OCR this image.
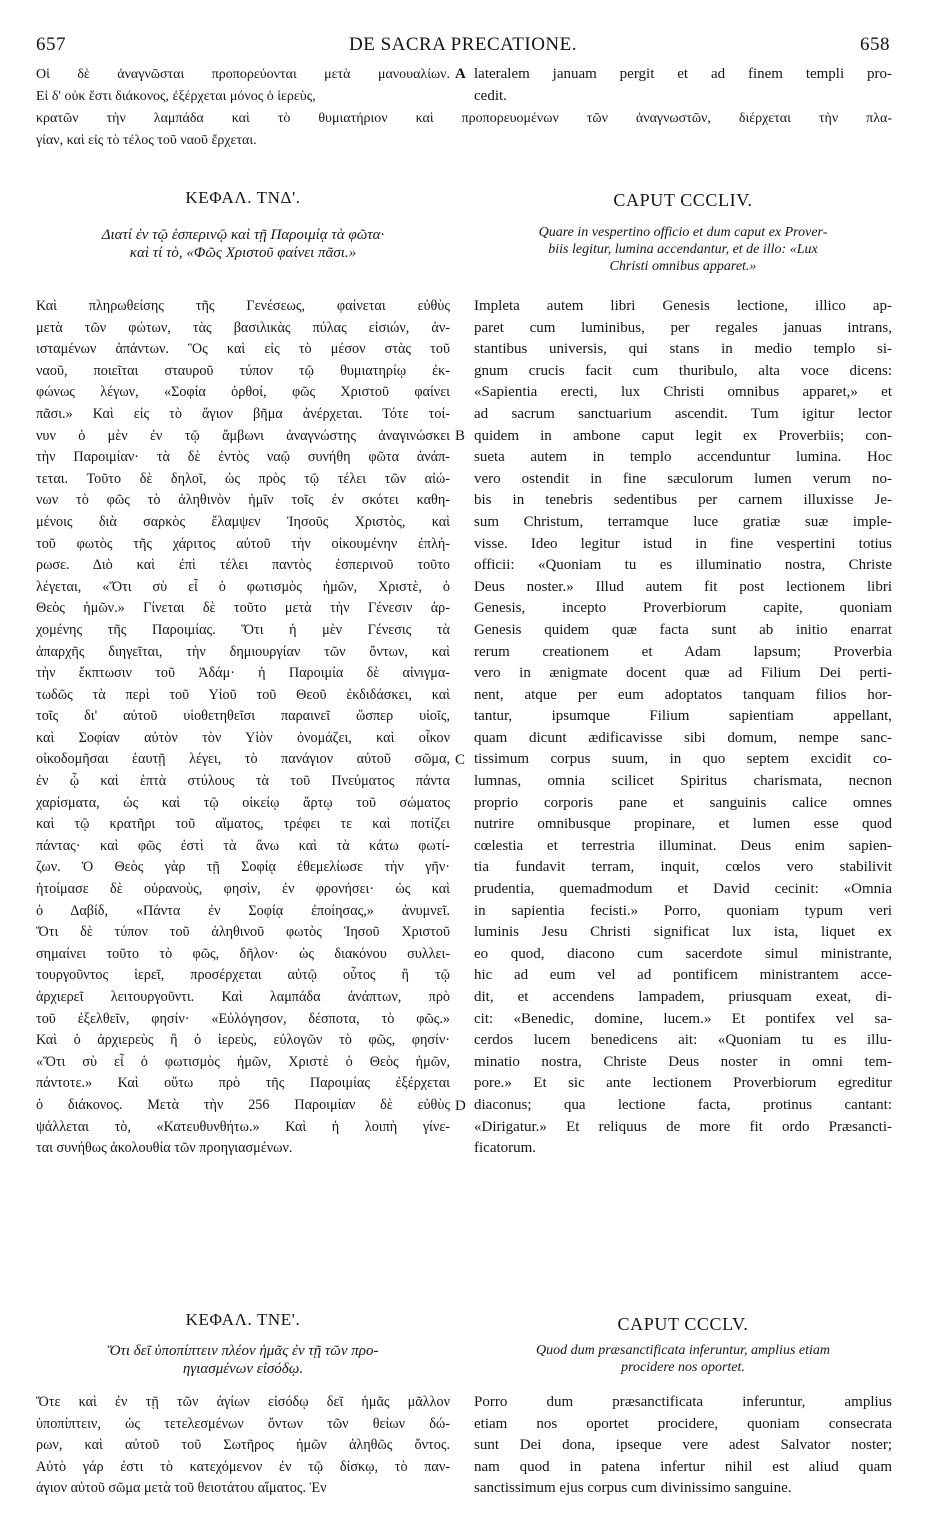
657	DE SACRA PRECATIONE.	658
Οἱ δὲ ἀναγνῶσται προπορεύονται μετὰ μανουαλίων.
Εἰ δ' οὐκ ἔστι διάκονος, ἐξέρχεται μόνος ὁ ἱερεὺς,
A lateralem januam pergit et ad finem templi pro-
cedit.
κρατῶν τὴν λαμπάδα καὶ τὸ θυμιατήριον καὶ προπορευομένων τῶν ἀναγνωστῶν, διέρχεται τὴν πλα-
γίαν, καὶ εἰς τὸ τέλος τοῦ ναοῦ ἔρχεται.
ΚΕΦΑΛ. ΤΝΔ'.	CAPUT CCCLIV.
Διατί ἐν τῷ ἑσπερινῷ καὶ τῇ Παροιμίᾳ τὰ φῶτα·
καὶ τί τὸ, «Φῶς Χριστοῦ φαίνει πᾶσι.»
Quare in vespertino officio et dum caput ex Prover-
biis legitur, lumina accendantur, et de illo: «Lux
Christi omnibus apparet.»
Καὶ πληρωθείσης τῆς Γενέσεως, φαίνεται εὐθὺς
μετὰ τῶν φώτων, τὰς βασιλικὰς πύλας εἰσιών, ἀν-
ισταμένων ἁπάντων. Ὃς καὶ εἰς τὸ μέσον στὰς τοῦ
ναοῦ, ποιεῖται σταυροῦ τύπον τῷ θυμιατηρίῳ ἐκ-
φώνως λέγων, «Σοφία ὀρθοί, φῶς Χριστοῦ φαίνει
πᾶσι.» Καὶ εἰς τὸ ἅγιον βῆμα ἀνέρχεται. Τότε τοί-
νυν ὁ μὲν ἐν τῷ ἄμβωνι ἀναγνώστης ἀναγινώσκει
τὴν Παροιμίαν· τὰ δὲ ἐντὸς ναῷ συνήθη φῶτα ἀνάπ-
τεται. Τοῦτο δὲ δηλοῖ, ὡς πρὸς τῷ τέλει τῶν αἰώ-
νων τὸ φῶς τὸ ἀληθινὸν ἡμῖν τοῖς ἐν σκότει καθη-
μένοις διὰ σαρκὸς ἔλαμψεν Ἰησοῦς Χριστὸς, καὶ
τοῦ φωτὸς τῆς χάριτος αὐτοῦ τὴν οἰκουμένην ἐπλή-
ρωσε. Διὸ καὶ ἐπὶ τέλει παντὸς ἑσπερινοῦ τοῦτο
λέγεται, «Ὅτι σὺ εἶ ὁ φωτισμὸς ἡμῶν, Χριστὲ, ὁ
Θεὸς ἡμῶν.» Γίνεται δὲ τοῦτο μετὰ τὴν Γένεσιν ἀρ-
χομένης τῆς Παροιμίας. Ὅτι ἡ μὲν Γένεσις τὰ
ἀπαρχῆς διηγεῖται, τὴν δημιουργίαν τῶν ὄντων, καὶ
τὴν ἔκπτωσιν τοῦ Ἀδάμ· ἡ Παροιμία δὲ αἰνιγμα-
τωδῶς τὰ περὶ τοῦ Υἱοῦ τοῦ Θεοῦ ἐκδιδάσκει, καὶ
τοῖς δι' αὐτοῦ υἱοθετηθεῖσι παραινεῖ ὥσπερ υἱοῖς,
καὶ Σοφίαν αὐτὸν τὸν Υἱὸν ὀνομάζει, καὶ οἶκον
οἰκοδομῆσαι ἑαυτῇ λέγει, τὸ πανάγιον αὐτοῦ σῶμα,
ἐν ᾧ καὶ ἑπτὰ στύλους τὰ τοῦ Πνεύματος πάντα
χαρίσματα, ὡς καὶ τῷ οἰκείῳ ἄρτῳ τοῦ σώματος
καὶ τῷ κρατῆρι τοῦ αἵματος, τρέφει τε καὶ ποτίζει
πάντας· καὶ φῶς ἐστὶ τὰ ἄνω καὶ τὰ κάτω φωτί-
ζων. Ὁ Θεὸς γὰρ τῇ Σοφίᾳ ἐθεμελίωσε τὴν γῆν·
ἡτοίμασε δὲ οὐρανοὺς, φησὶν, ἐν φρονήσει· ὡς καὶ
ὁ Δαβίδ, «Πάντα ἐν Σοφίᾳ ἐποίησας,» ἀνυμνεῖ.
Ὅτι δὲ τύπον τοῦ ἀληθινοῦ φωτὸς Ἰησοῦ Χριστοῦ
σημαίνει τοῦτο τὸ φῶς, δῆλον· ὡς διακόνου συλλει-
τουργοῦντος ἱερεῖ, προσέρχεται αὐτῷ οὗτος ἢ τῷ
ἀρχιερεῖ λειτουργοῦντι. Καὶ λαμπάδα ἀνάπτων, πρὸ
τοῦ ἐξελθεῖν, φησίν· «Εὐλόγησον, δέσποτα, τὸ φῶς.»
Καὶ ὁ ἀρχιερεὺς ἢ ὁ ἱερεὺς, εὐλογῶν τὸ φῶς, φησίν·
«Ὅτι σὺ εἶ ὁ φωτισμὸς ἡμῶν, Χριστὲ ὁ Θεὸς ἡμῶν,
πάντοτε.» Καὶ οὕτω πρὸ τῆς Παροιμίας ἐξέρχεται
ὁ διάκονος. Μετὰ τὴν 256 Παροιμίαν δὲ εὐθὺς
ψάλλεται τὸ, «Κατευθυνθήτω.» Καὶ ἡ λοιπὴ γίνε-
ται συνήθως ἀκολουθία τῶν προηγιασμένων.
Impleta autem libri Genesis lectione, illico ap-
paret cum luminibus, per regales januas intrans,
stantibus universis, qui stans in medio templo si-
gnum crucis facit cum thuribulo, alta voce dicens:
«Sapientia erecti, lux Christi omnibus apparet,» et
ad sacrum sanctuarium ascendit. Tum igitur lector
quidem in ambone caput legit ex Proverbiis; con-
sueta autem in templo accenduntur lumina. Hoc
vero ostendit in fine sæculorum lumen verum no-
bis in tenebris sedentibus per carnem illuxisse Je-
sum Christum, terramque luce gratiæ suæ imple-
visse. Ideo legitur istud in fine vespertini totius
officii: «Quoniam tu es illuminatio nostra, Christe
Deus noster.» Illud autem fit post lectionem libri
Genesis, incepto Proverbiorum capite, quoniam
Genesis quidem quæ facta sunt ab initio enarrat
rerum creationem et Adam lapsum; Proverbia
vero in ænigmate docent quæ ad Filium Dei perti-
nent, atque per eum adoptatos tanquam filios hor-
tantur, ipsumque Filium sapientiam appellant,
quam dicunt ædificavisse sibi domum, nempe sanc-
tissimum corpus suum, in quo septem excidit co-
lumnas, omnia scilicet Spiritus charismata, necnon
proprio corporis pane et sanguinis calice omnes
nutrire omnibusque propinare, et lumen esse quod
cœlestia et terrestria illuminat. Deus enim sapien-
tia fundavit terram, inquit, cœlos vero stabilivit
prudentia, quemadmodum et David cecinit: «Omnia
in sapientia fecisti.» Porro, quoniam typum veri
luminis Jesu Christi significat lux ista, liquet ex
eo quod, diacono cum sacerdote simul ministrante,
hic ad eum vel ad pontificem ministrantem acce-
dit, et accendens lampadem, priusquam exeat, di-
cit: «Benedic, domine, lucem.» Et pontifex vel sa-
cerdos lucem benedicens ait: «Quoniam tu es illu-
minatio nostra, Christe Deus noster in omni tem-
pore.» Et sic ante lectionem Proverbiorum egreditur
diaconus; qua lectione facta, protinus cantant:
«Dirigatur.» Et reliquus de more fit ordo Præsancti-
ficatorum.
B
C
D
ΚΕΦΑΛ. ΤΝΕ'.	CAPUT CCCLV.
Ὅτι δεῖ ὑποπίπτειν πλέον ἡμᾶς ἐν τῇ τῶν προ-
ηγιασμένων εἰσόδῳ.
Quod dum præsanctificata inferuntur, amplius etiam
procidere nos oportet.
Ὅτε καὶ ἐν τῇ τῶν ἁγίων εἰσόδῳ δεῖ ἡμᾶς μᾶλλον
ὑποπίπτειν, ὡς τετελεσμένων ὄντων τῶν θείων δώ-
ρων, καὶ αὐτοῦ τοῦ Σωτῆρος ἡμῶν ἀληθῶς ὄντος.
Αὐτὸ γάρ ἐστι τὸ κατεχόμενον ἐν τῷ δίσκῳ, τὸ παν-
άγιον αὐτοῦ σῶμα μετὰ τοῦ θειοτάτου αἵματος. Ἐν
Porro dum præsanctificata inferuntur, amplius
etiam nos oportet procidere, quoniam consecrata
sunt Dei dona, ipseque vere adest Salvator noster;
nam quod in patena infertur nihil est aliud quam
sanctissimum ejus corpus cum divinissimo sanguine.
